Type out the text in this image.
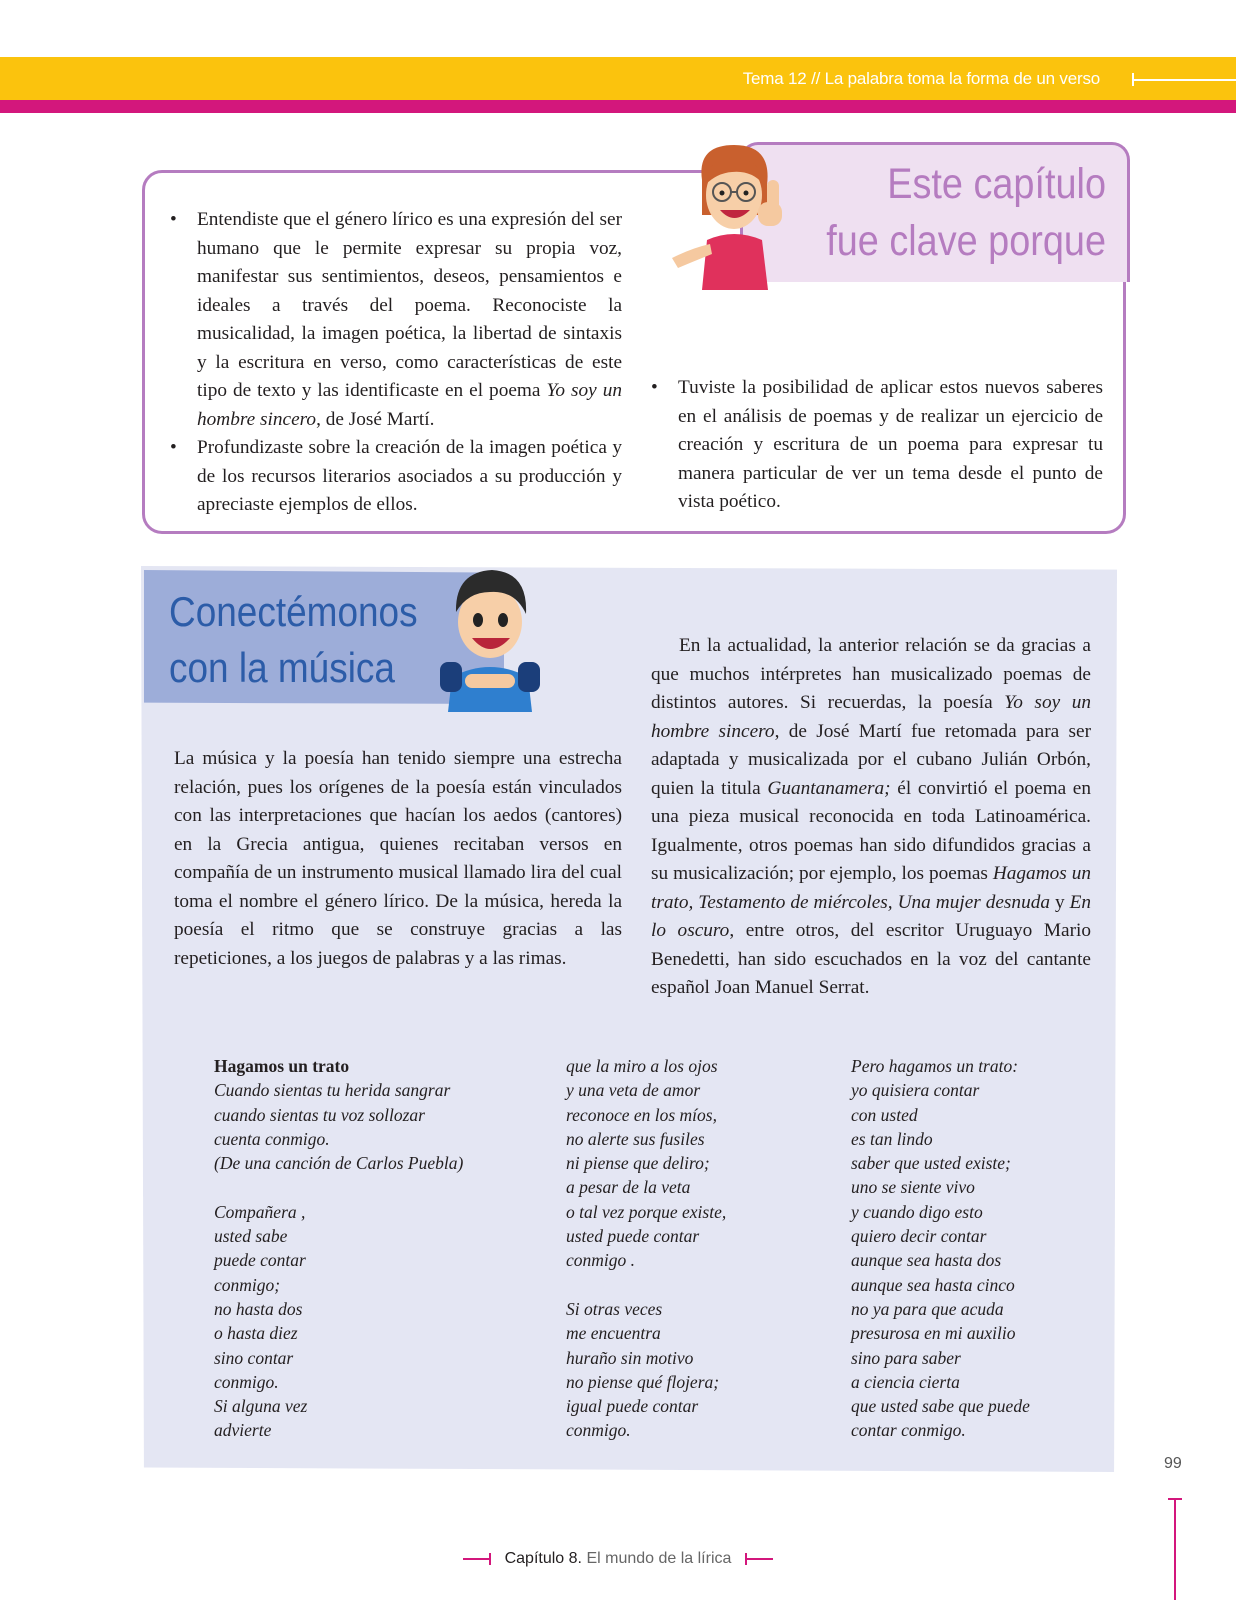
Tema 12 // La palabra toma la forma de un verso
Este capítulo
fue clave porque
• Entendiste que el género lírico es una expresión del ser humano que le permite expresar su propia voz, manifestar sus sentimientos, deseos, pensamientos e ideales a través del poema. Reconociste la musicalidad, la imagen poética, la libertad de sintaxis y la escritura en verso, como características de este tipo de texto y las identificaste en el poema Yo soy un hombre sincero, de José Martí.
• Profundizaste sobre la creación de la imagen poética y de los recursos literarios asociados a su producción y apreciaste ejemplos de ellos.
• Tuviste la posibilidad de aplicar estos nuevos saberes en el análisis de poemas y de realizar un ejercicio de creación y escritura de un poema para expresar tu manera particular de ver un tema desde el punto de vista poético.
Conectémonos
con la música

La música y la poesía han tenido siempre una estrecha relación, pues los orígenes de la poesía están vinculados con las interpretaciones que hacían los aedos (cantores) en la Grecia antigua, quienes recitaban versos en compañía de un instrumento musical llamado lira del cual toma el nombre el género lírico. De la música, hereda la poesía el ritmo que se construye gracias a las repeticiones, a los juegos de palabras y a las rimas.

En la actualidad, la anterior relación se da gracias a que muchos intérpretes han musicalizado poemas de distintos autores. Si recuerdas, la poesía Yo soy un hombre sincero, de José Martí fue retomada para ser adaptada y musicalizada por el cubano Julián Orbón, quien la titula Guantanamera; él convirtió el poema en una pieza musical reconocida en toda Latinoamérica. Igualmente, otros poemas han sido difundidos gracias a su musicalización; por ejemplo, los poemas Hagamos un trato, Testamento de miércoles, Una mujer desnuda y En lo oscuro, entre otros, del escritor Uruguayo Mario Benedetti, han sido escuchados en la voz del cantante español Joan Manuel Serrat.

Hagamos un trato
Cuando sientas tu herida sangrar
cuando sientas tu voz sollozar
cuenta conmigo.
(De una canción de Carlos Puebla)
Compañera ,
usted sabe
puede contar
conmigo;
no hasta dos
o hasta diez
sino contar
conmigo.
Si alguna vez
advierte
que la miro a los ojos
y una veta de amor
reconoce en los míos,
no alerte sus fusiles
ni piense que deliro;
a pesar de la veta
o tal vez porque existe,
usted puede contar
conmigo .
Si otras veces
me encuentra
huraño sin motivo
no piense qué flojera;
igual puede contar
conmigo.
Pero hagamos un trato:
yo quisiera contar
con usted
es tan lindo
saber que usted existe;
uno se siente vivo
y cuando digo esto
quiero decir contar
aunque sea hasta dos
aunque sea hasta cinco
no ya para que acuda
presurosa en mi auxilio
sino para saber
a ciencia cierta
que usted sabe que puede
contar conmigo.
99
Capítulo 8. El mundo de la lírica
